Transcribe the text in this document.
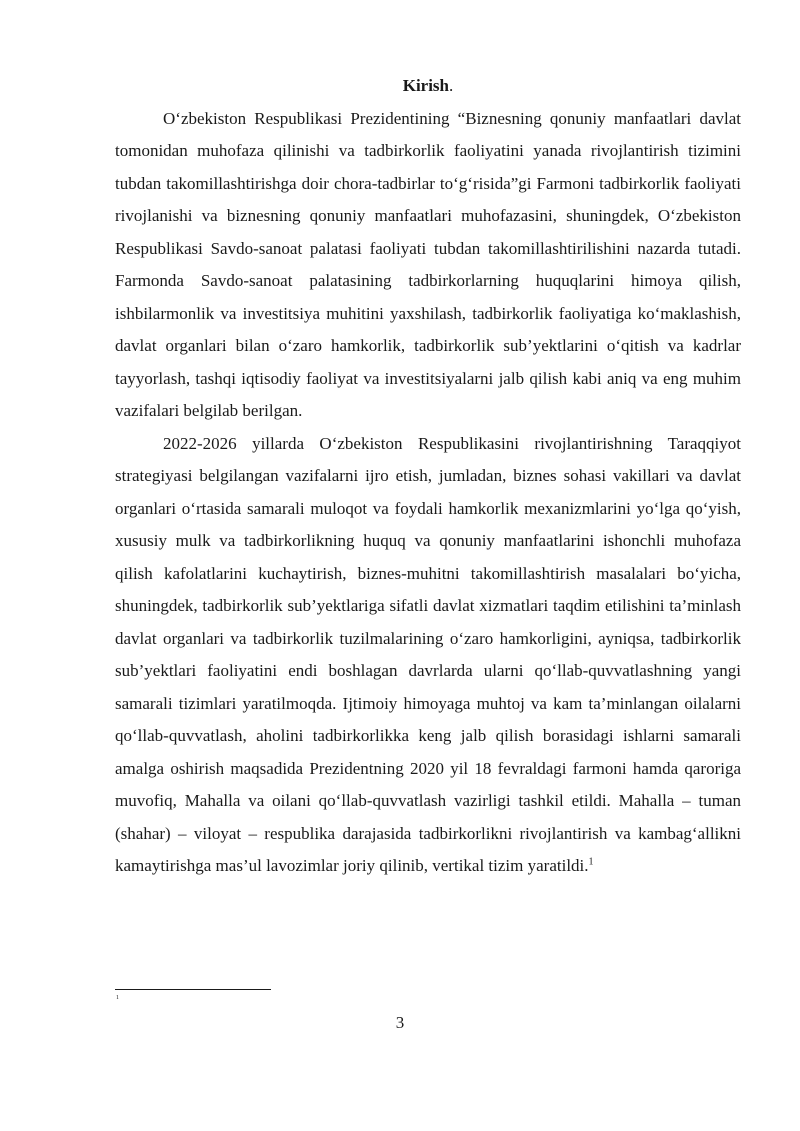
Kirish.

O‘zbekiston Respublikasi Prezidentining “Biznesning qonuniy manfaatlari davlat tomonidan muhofaza qilinishi va tadbirkorlik faoliyatini yanada rivojlantirish tizimini tubdan takomillashtirishga doir chora-tadbirlar to‘g‘risida”gi Farmoni tadbirkorlik faoliyati rivojlanishi va biznesning qonuniy manfaatlari muhofazasini, shuningdek, O‘zbekiston Respublikasi Savdo-sanoat palatasi faoliyati tubdan takomillashtirilishini nazarda tutadi. Farmonda Savdo-sanoat palatasining tadbirkorlarning huquqlarini himoya qilish, ishbilarmonlik va investitsiya muhitini yaxshilash, tadbirkorlik faoliyatiga ko‘maklashish, davlat organlari bilan o‘zaro hamkorlik, tadbirkorlik sub’yektlarini o‘qitish va kadrlar tayyorlash, tashqi iqtisodiy faoliyat va investitsiyalarni jalb qilish kabi aniq va eng muhim vazifalari belgilab berilgan.

2022-2026 yillarda O‘zbekiston Respublikasini rivojlantirishning Taraqqiyot strategiyasi belgilangan vazifalarni ijro etish, jumladan, biznes sohasi vakillari va davlat organlari o‘rtasida samarali muloqot va foydali hamkorlik mexanizmlarini yo‘lga qo‘yish, xususiy mulk va tadbirkorlikning huquq va qonuniy manfaatlarini ishonchli muhofaza qilish kafolatlarini kuchaytirish, biznes-muhitni takomillashtirish masalalari bo‘yicha, shuningdek, tadbirkorlik sub’yektlariga sifatli davlat xizmatlari taqdim etilishini ta’minlash davlat organlari va tadbirkorlik tuzilmalarining o‘zaro hamkorligini, ayniqsa, tadbirkorlik sub’yektlari faoliyatini endi boshlagan davrlarda ularni qo‘llab-quvvatlashning yangi samarali tizimlari yaratilmoqda. Ijtimoiy himoyaga muhtoj va kam ta’minlangan oilalarni qo‘llab-quvvatlash, aholini tadbirkorlikka keng jalb qilish borasidagi ishlarni samarali amalga oshirish maqsadida Prezidentning 2020 yil 18 fevraldagi farmoni hamda qaroriga muvofiq, Mahalla va oilani qo‘llab-quvvatlash vazirligi tashkil etildi. Mahalla – tuman (shahar) – viloyat – respublika darajasida tadbirkorlikni rivojlantirish va kambag‘allikni kamaytirishga mas’ul lavozimlar joriy qilinib, vertikal tizim yaratildi.$^1$

1
3
